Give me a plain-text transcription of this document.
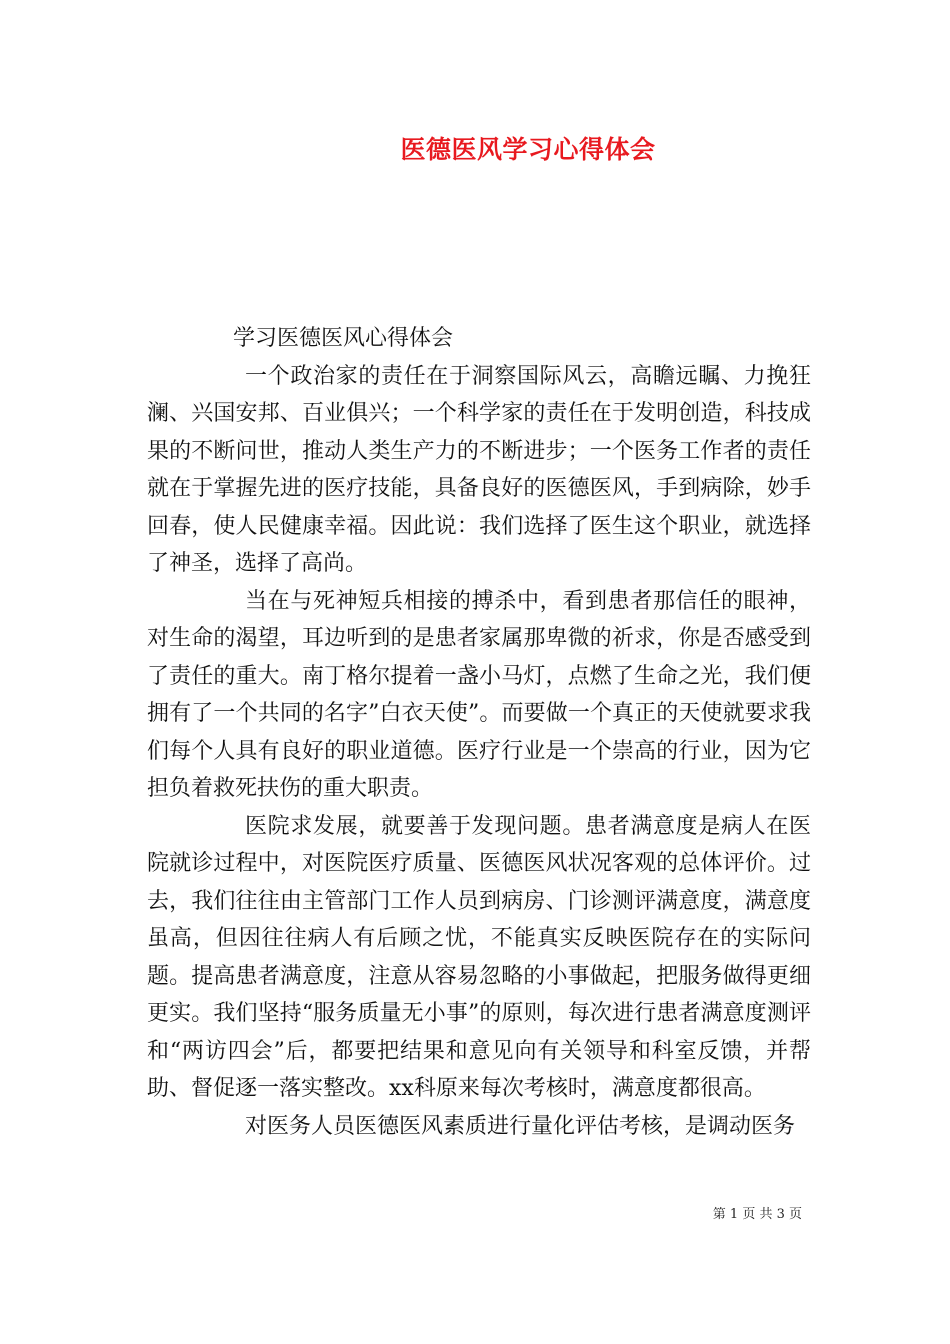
医德医风学习心得体会

学习医德医风心得体会

一个政治家的责任在于洞察国际风云，高瞻远瞩、力挽狂澜、兴国安邦、百业俱兴；一个科学家的责任在于发明创造，科技成果的不断问世，推动人类生产力的不断进步；一个医务工作者的责任就在于掌握先进的医疗技能，具备良好的医德医风，手到病除，妙手回春，使人民健康幸福。因此说：我们选择了医生这个职业，就选择了神圣，选择了高尚。

当在与死神短兵相接的搏杀中，看到患者那信任的眼神，对生命的渴望，耳边听到的是患者家属那卑微的祈求，你是否感受到了责任的重大。南丁格尔提着一盏小马灯，点燃了生命之光，我们便拥有了一个共同的名字”白衣天使”。而要做一个真正的天使就要求我们每个人具有良好的职业道德。医疗行业是一个崇高的行业，因为它担负着救死扶伤的重大职责。

医院求发展，就要善于发现问题。患者满意度是病人在医院就诊过程中，对医院医疗质量、医德医风状况客观的总体评价。过去，我们往往由主管部门工作人员到病房、门诊测评满意度，满意度虽高，但因往往病人有后顾之忧，不能真实反映医院存在的实际问题。提高患者满意度，注意从容易忽略的小事做起，把服务做得更细更实。我们坚持“服务质量无小事”的原则，每次进行患者满意度测评和“两访四会”后，都要把结果和意见向有关领导和科室反馈，并帮助、督促逐一落实整改。xx科原来每次考核时，满意度都很高。

对医务人员医德医风素质进行量化评估考核，是调动医务

第 1 页 共 3 页
